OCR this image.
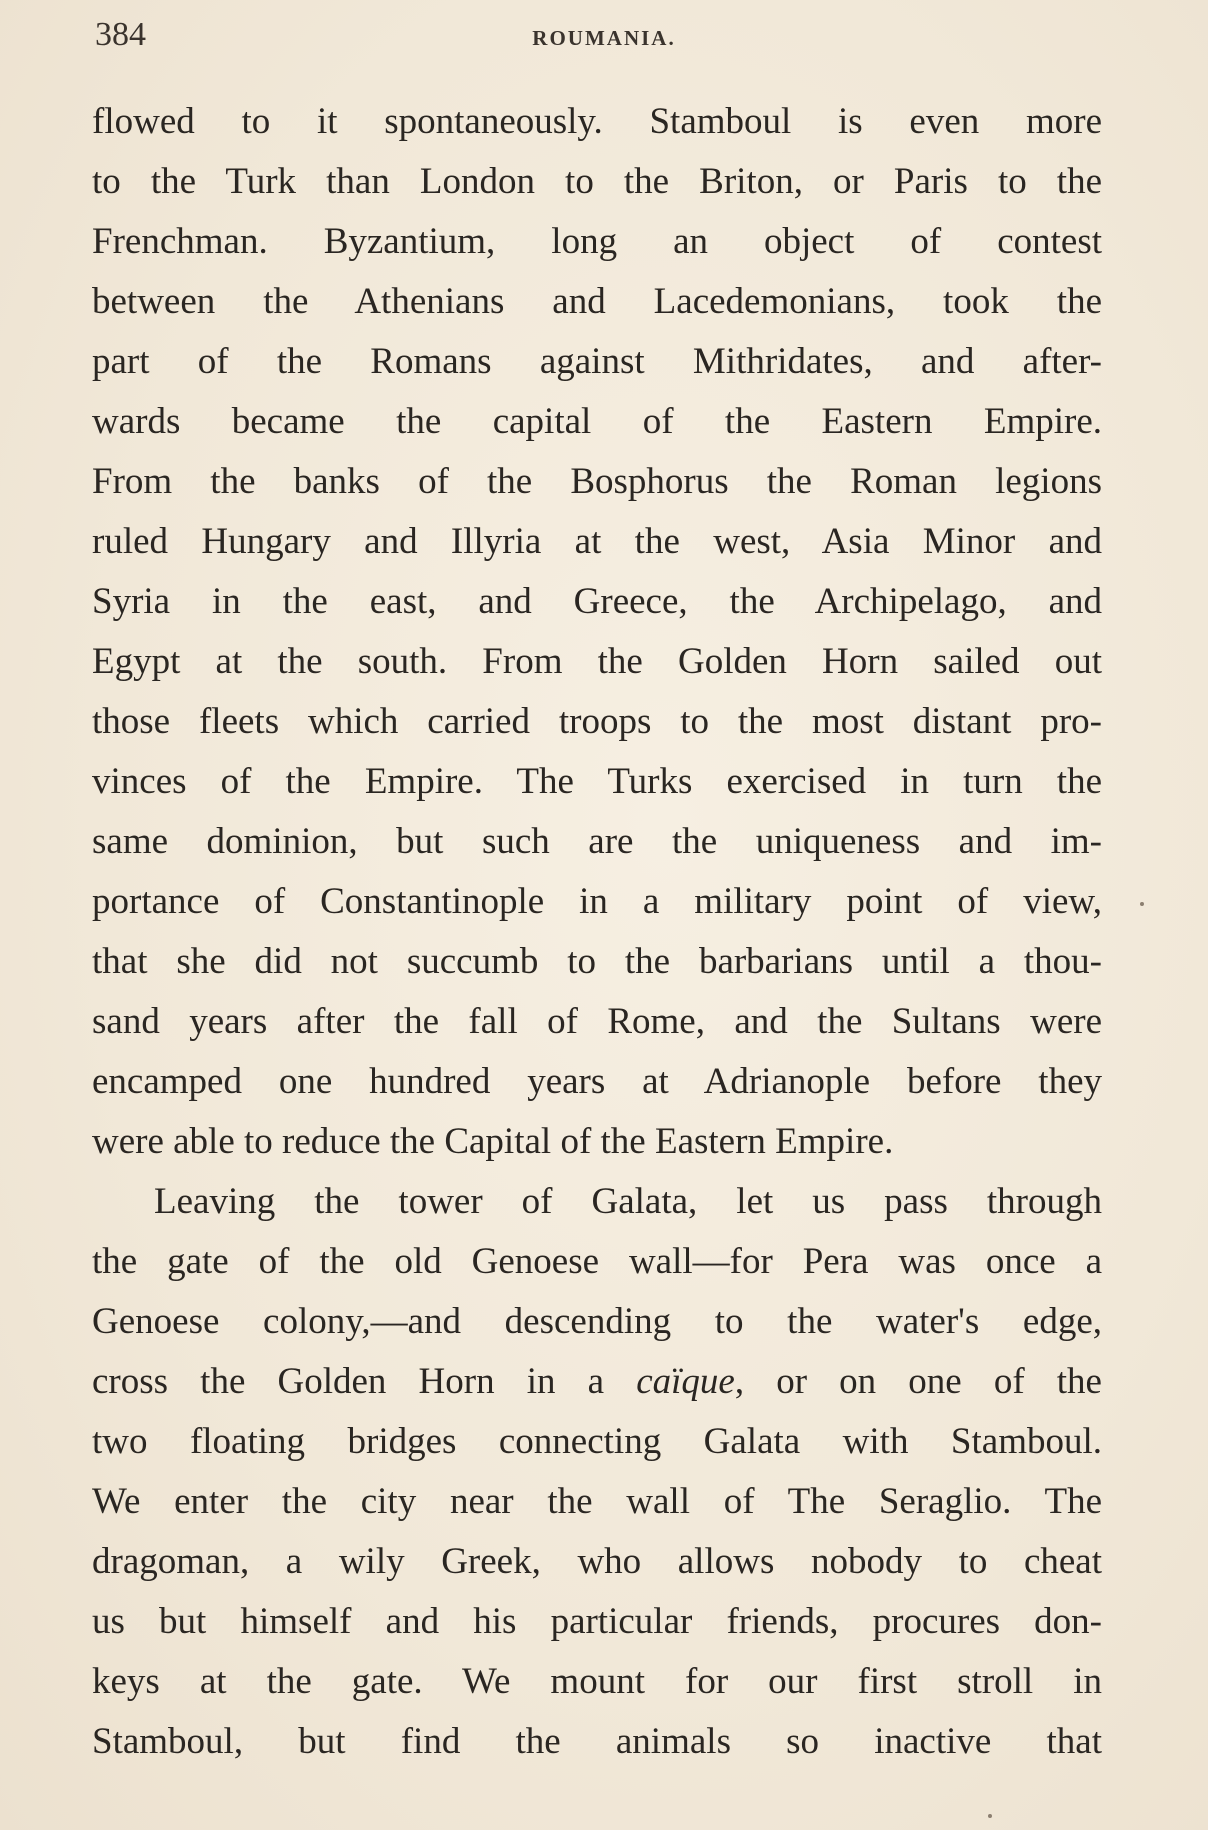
384	ROUMANIA.
flowed to it spontaneously. Stamboul is even more
to the Turk than London to the Briton, or Paris to the
Frenchman. Byzantium, long an object of contest
between the Athenians and Lacedemonians, took the
part of the Romans against Mithridates, and after-
wards became the capital of the Eastern Empire.
From the banks of the Bosphorus the Roman legions
ruled Hungary and Illyria at the west, Asia Minor and
Syria in the east, and Greece, the Archipelago, and
Egypt at the south. From the Golden Horn sailed out
those fleets which carried troops to the most distant pro-
vinces of the Empire. The Turks exercised in turn the
same dominion, but such are the uniqueness and im-
portance of Constantinople in a military point of view,
that she did not succumb to the barbarians until a thou-
sand years after the fall of Rome, and the Sultans were
encamped one hundred years at Adrianople before they
were able to reduce the Capital of the Eastern Empire.
Leaving the tower of Galata, let us pass through
the gate of the old Genoese wall—for Pera was once a
Genoese colony,—and descending to the water's edge,
cross the Golden Horn in a caïque, or on one of the
two floating bridges connecting Galata with Stamboul.
We enter the city near the wall of The Seraglio. The
dragoman, a wily Greek, who allows nobody to cheat
us but himself and his particular friends, procures don-
keys at the gate. We mount for our first stroll in
Stamboul, but find the animals so inactive that
